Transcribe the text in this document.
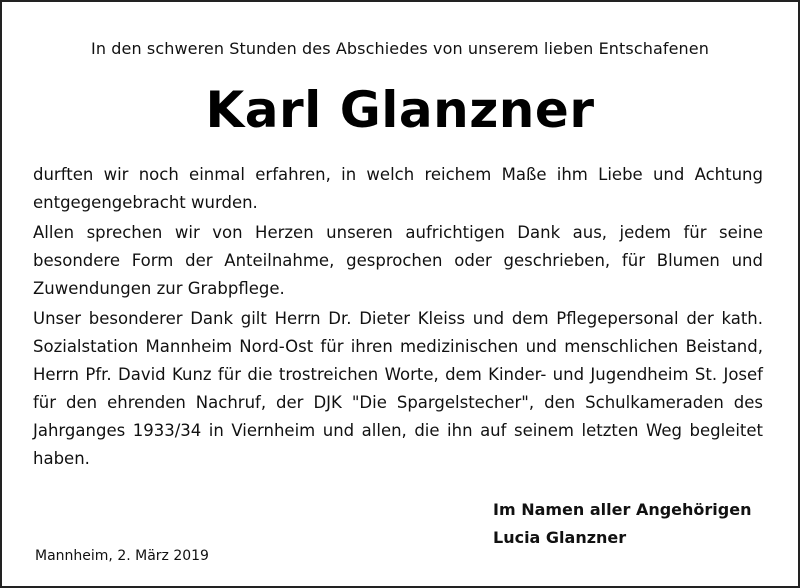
In den schweren Stunden des Abschiedes von unserem lieben Entschafenen
Karl Glanzner

durften wir noch einmal erfahren, in welch reichem Maße ihm Liebe und Achtung entgegengebracht wurden.

Allen sprechen wir von Herzen unseren aufrichtigen Dank aus, jedem für seine besondere Form der Anteilnahme, gesprochen oder geschrieben, für Blumen und Zuwendungen zur Grabpflege.

Unser besonderer Dank gilt Herrn Dr. Dieter Kleiss und dem Pflegepersonal der kath. Sozialstation Mannheim Nord-Ost für ihren medizinischen und menschlichen Beistand, Herrn Pfr. David Kunz für die trostreichen Worte, dem Kinder- und Jugendheim St. Josef für den ehrenden Nachruf, der DJK "Die Spargelstecher", den Schulkameraden des Jahrganges 1933/34 in Viernheim und allen, die ihn auf seinem letzten Weg begleitet haben.

Im Namen aller Angehörigen
Lucia Glanzner
Mannheim, 2. März 2019
